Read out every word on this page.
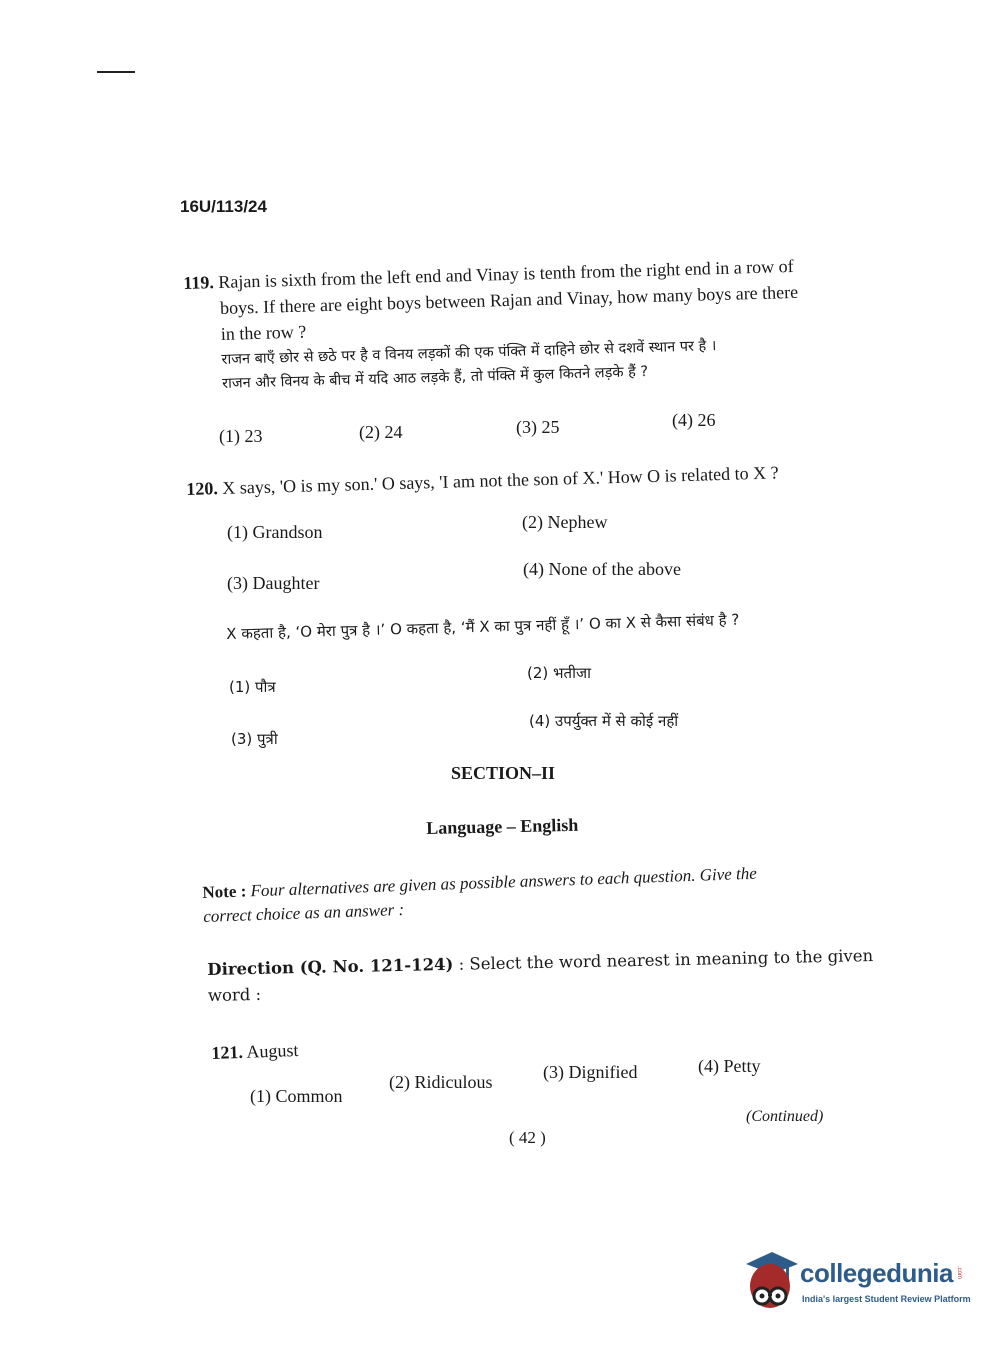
16U/113/24
119. Rajan is sixth from the left end and Vinay is tenth from the right end in a row of
boys. If there are eight boys between Rajan and Vinay, how many boys are there
in the row ?
राजन बाएँ छोर से छठे पर है व विनय लड़कों की एक पंक्ति में दाहिने छोर से दशवें स्थान पर है ।
राजन और विनय के बीच में यदि आठ लड़के हैं, तो पंक्ति में कुल कितने लड़के हैं ?
(1) 23	(2) 24	(3) 25	(4) 26
120. X says, 'O is my son.' O says, 'I am not the son of X.' How O is related to X ?
(1) Grandson	(2) Nephew
(3) Daughter
(4) None of the above
X कहता है, ‘O मेरा पुत्र है ।’ O कहता है, ‘मैं X का पुत्र नहीं हूँ ।’ O का X से कैसा संबंध है ?
(1) पौत्र
(2) भतीजा
(3) पुत्री
(4) उपर्युक्त में से कोई नहीं
SECTION–II
Language – English
Note : Four alternatives are given as possible answers to each question. Give the
correct choice as an answer :
Direction (Q. No. 121-124) : Select the word nearest in meaning to the given
word :
121. August
(1) Common
(2) Ridiculous	(3) Dignified	(4) Petty
(Continued)
( 42 )
collegedunia .com
India's largest Student Review Platform
